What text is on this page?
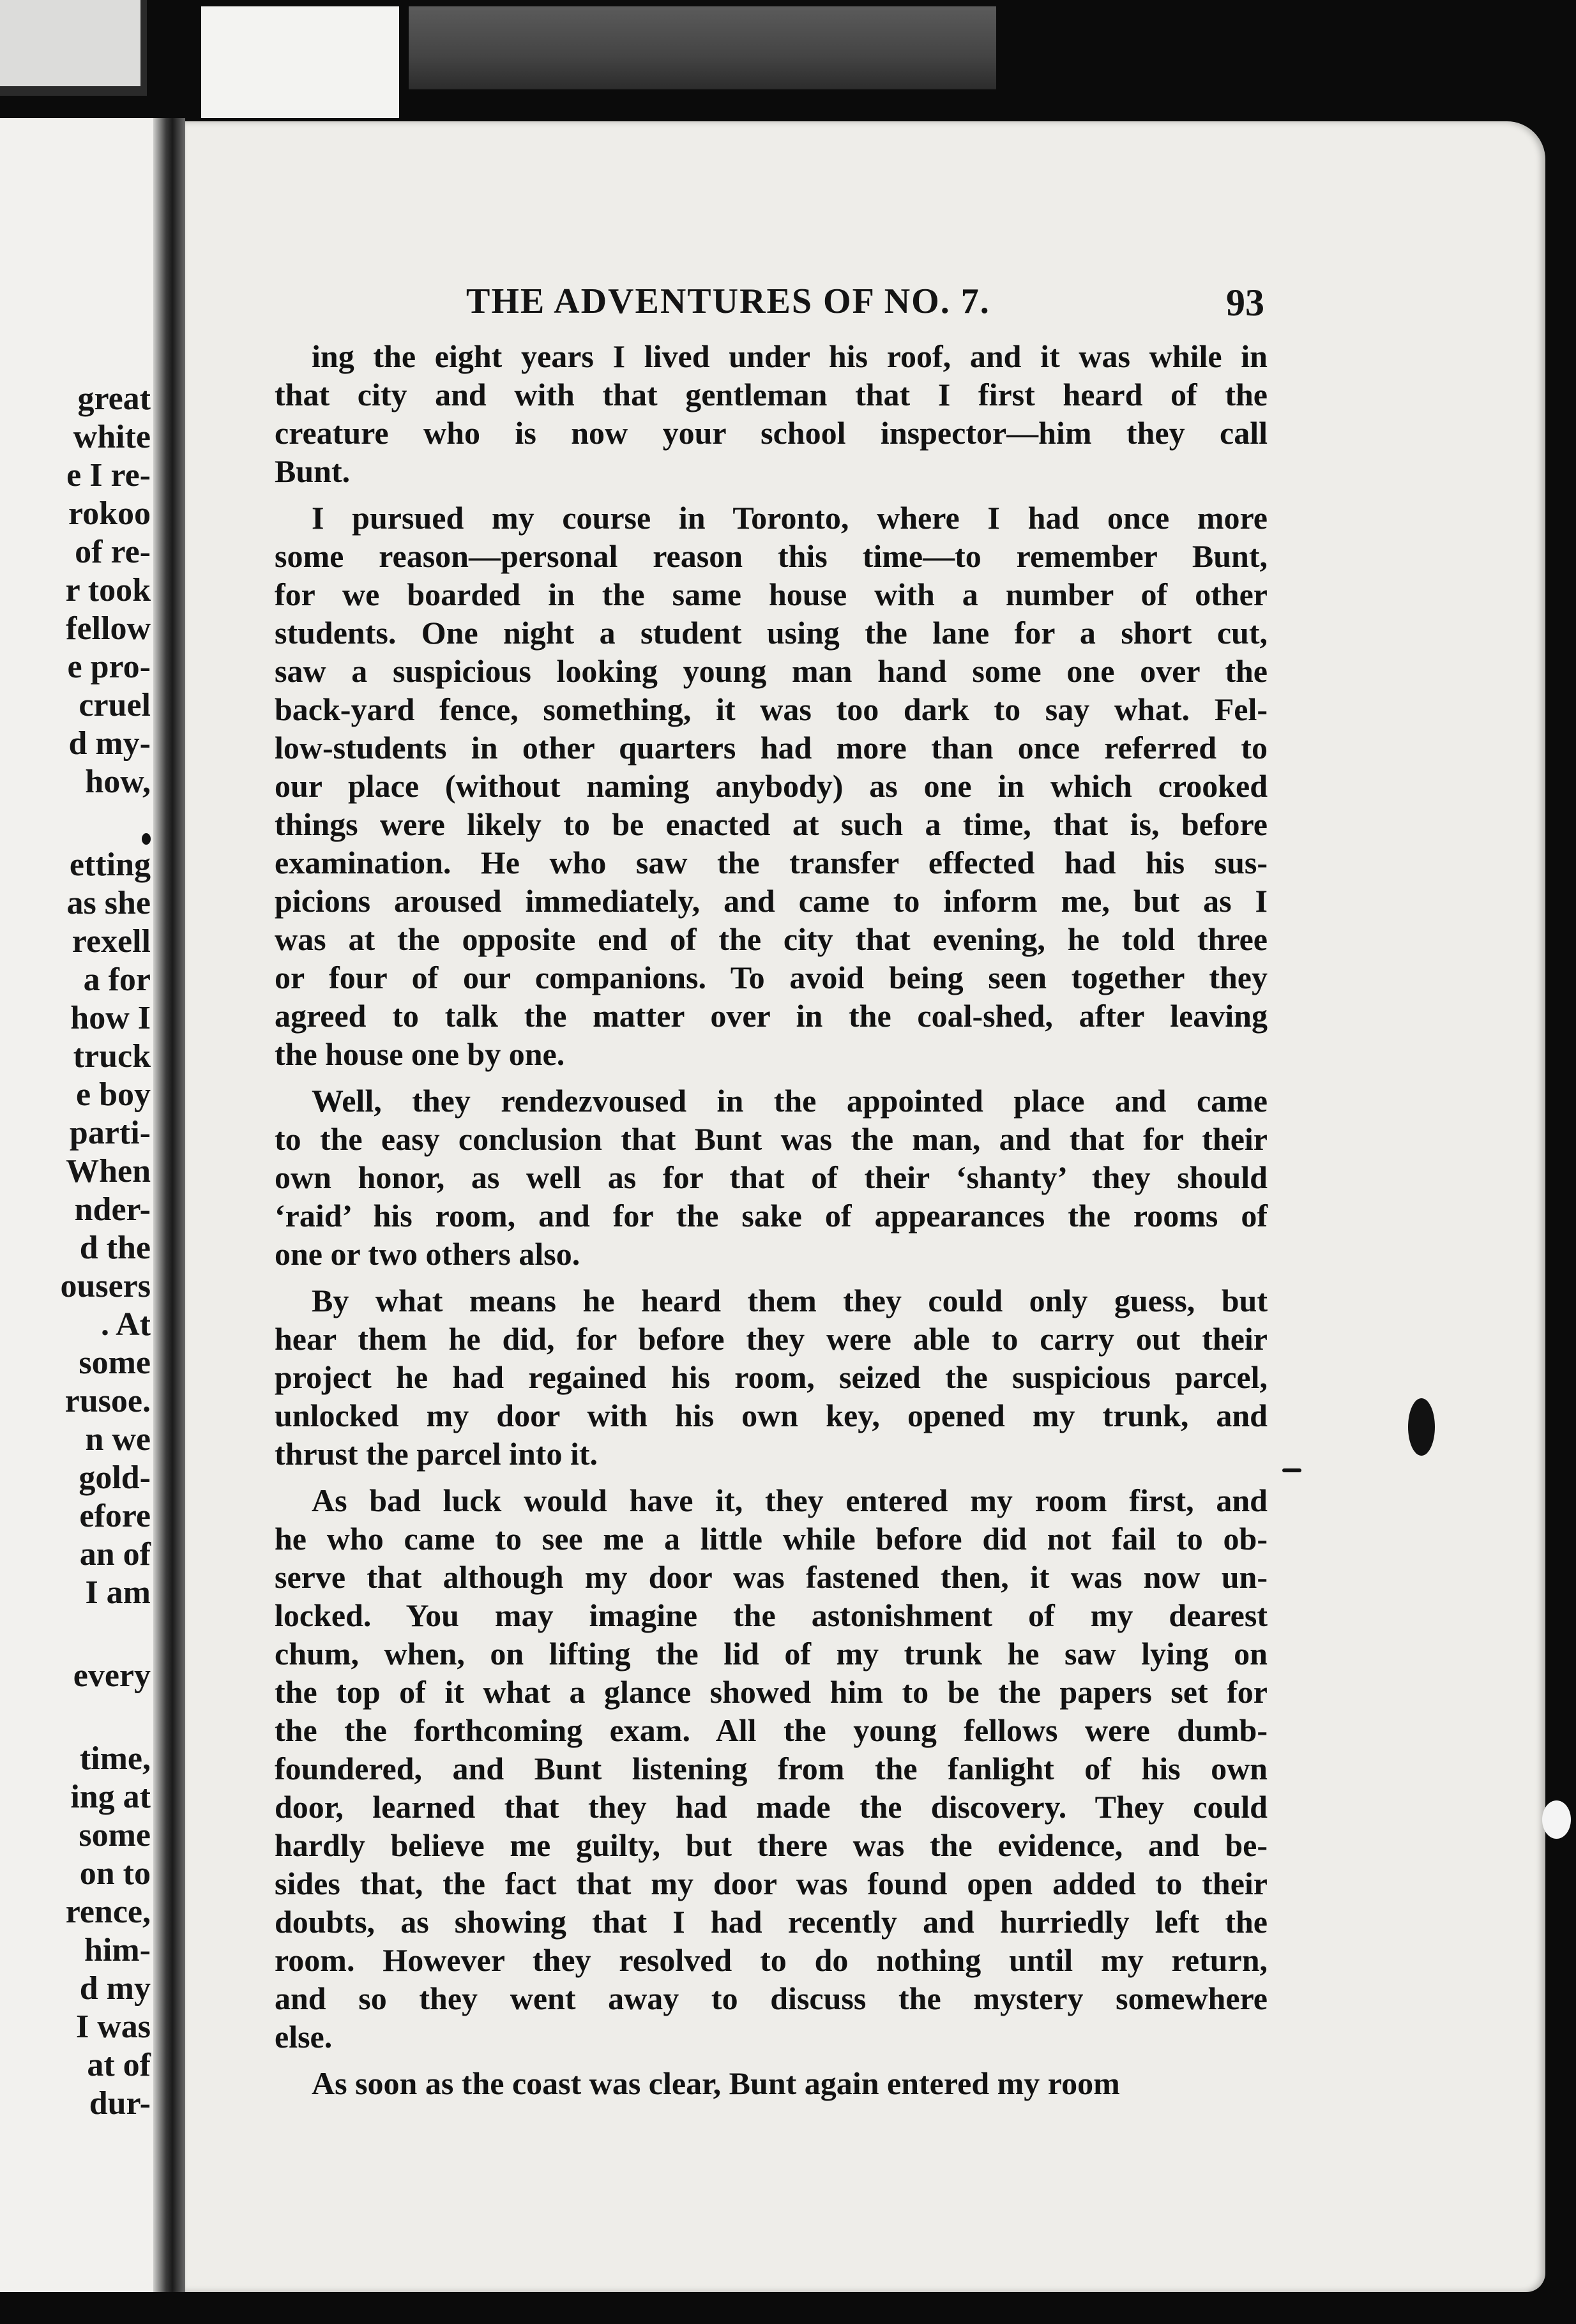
great
white
e I re-
rokoo
of re-
r took
fellow
e pro-
cruel
d my-
how,
etting
as she
rexell
a for
how I
truck
e boy
parti-
When
nder-
d the
ousers
. At
some
rusoe.
n we
gold-
efore
an of
I am
every
time,
ing at
some
on to
rence,
him-
d my
I was
at of
dur-
THE ADVENTURES OF NO. 7.	93
ing the eight years I lived under his roof, and it was while in
that city and with that gentleman that I first heard of the
creature who is now your school inspector—him they call
Bunt.
I pursued my course in Toronto, where I had once more
some reason—personal reason this time—to remember Bunt,
for we boarded in the same house with a number of other
students. One night a student using the lane for a short cut,
saw a suspicious looking young man hand some one over the
back-yard fence, something, it was too dark to say what. Fel-
low-students in other quarters had more than once referred to
our place (without naming anybody) as one in which crooked
things were likely to be enacted at such a time, that is, before
examination. He who saw the transfer effected had his sus-
picions aroused immediately, and came to inform me, but as I
was at the opposite end of the city that evening, he told three
or four of our companions. To avoid being seen together they
agreed to talk the matter over in the coal-shed, after leaving
the house one by one.
Well, they rendezvoused in the appointed place and came
to the easy conclusion that Bunt was the man, and that for their
own honor, as well as for that of their ‘shanty’ they should
‘raid’ his room, and for the sake of appearances the rooms of
one or two others also.
By what means he heard them they could only guess, but
hear them he did, for before they were able to carry out their
project he had regained his room, seized the suspicious parcel,
unlocked my door with his own key, opened my trunk, and
thrust the parcel into it.
As bad luck would have it, they entered my room first, and
he who came to see me a little while before did not fail to ob-
serve that although my door was fastened then, it was now un-
locked. You may imagine the astonishment of my dearest
chum, when, on lifting the lid of my trunk he saw lying on
the top of it what a glance showed him to be the papers set for
the the forthcoming exam. All the young fellows were dumb-
foundered, and Bunt listening from the fanlight of his own
door, learned that they had made the discovery. They could
hardly believe me guilty, but there was the evidence, and be-
sides that, the fact that my door was found open added to their
doubts, as showing that I had recently and hurriedly left the
room. However they resolved to do nothing until my return,
and so they went away to discuss the mystery somewhere
else.
As soon as the coast was clear, Bunt again entered my room
